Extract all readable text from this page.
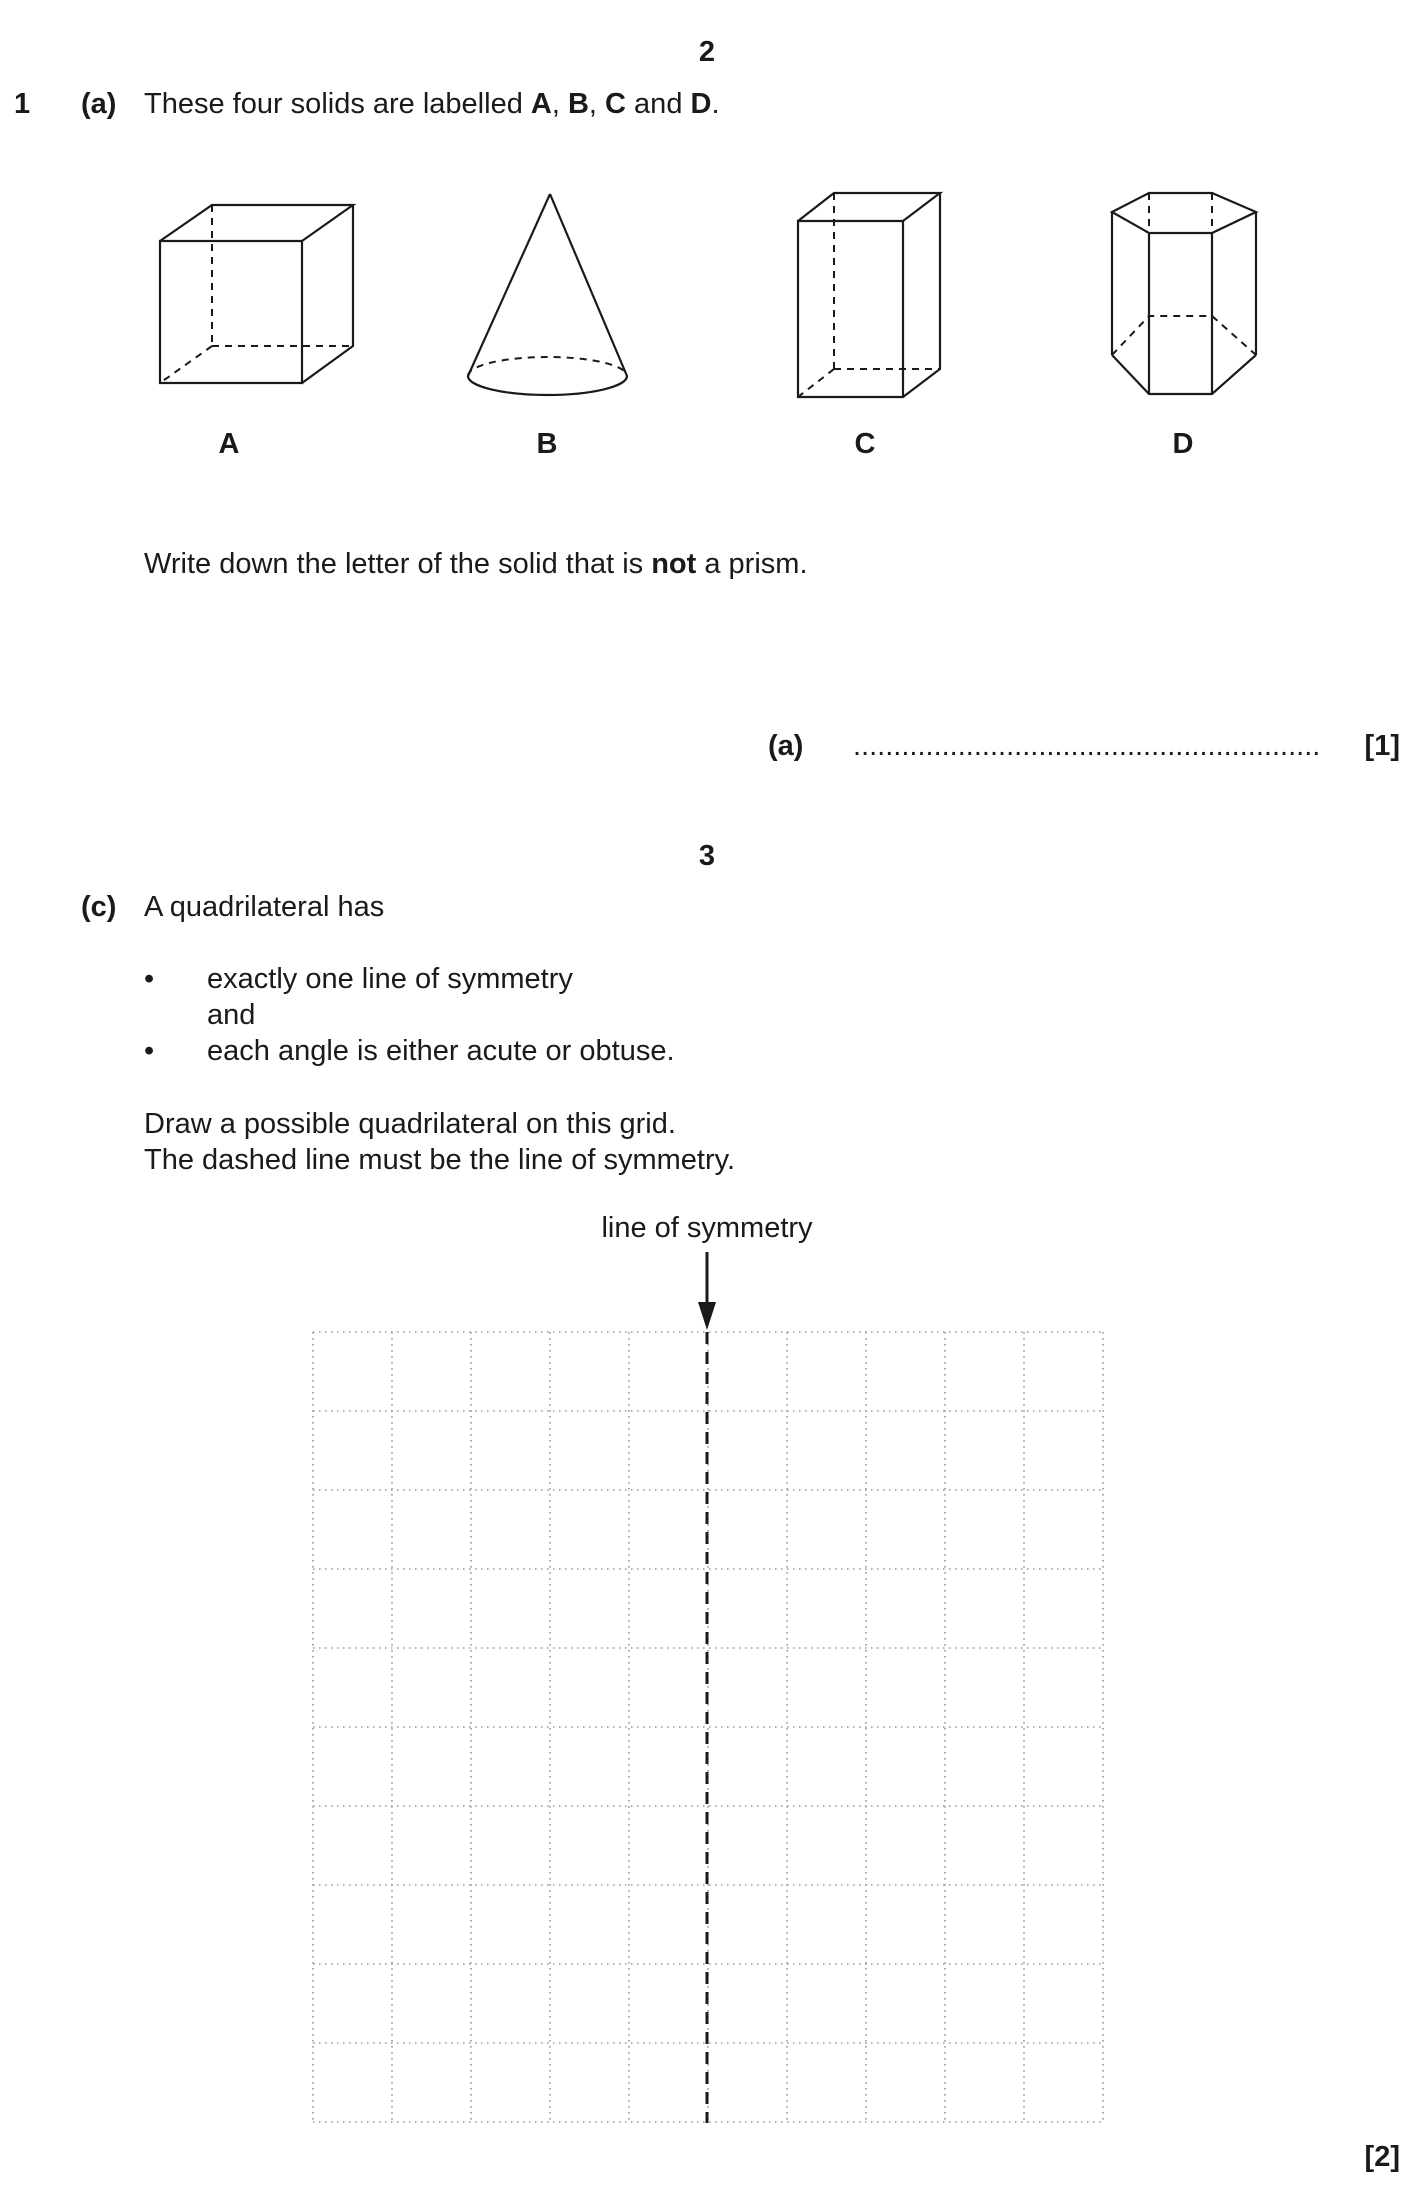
2
1 (a) These four solids are labelled A, B, C and D.
A	B	C	D
Write down the letter of the solid that is not a prism.
(a) ..........................................................	[1]
3
(c) A quadrilateral has
• exactly one line of symmetry
and
• each angle is either acute or obtuse.
Draw a possible quadrilateral on this grid.
The dashed line must be the line of symmetry.
line of symmetry
[2]
